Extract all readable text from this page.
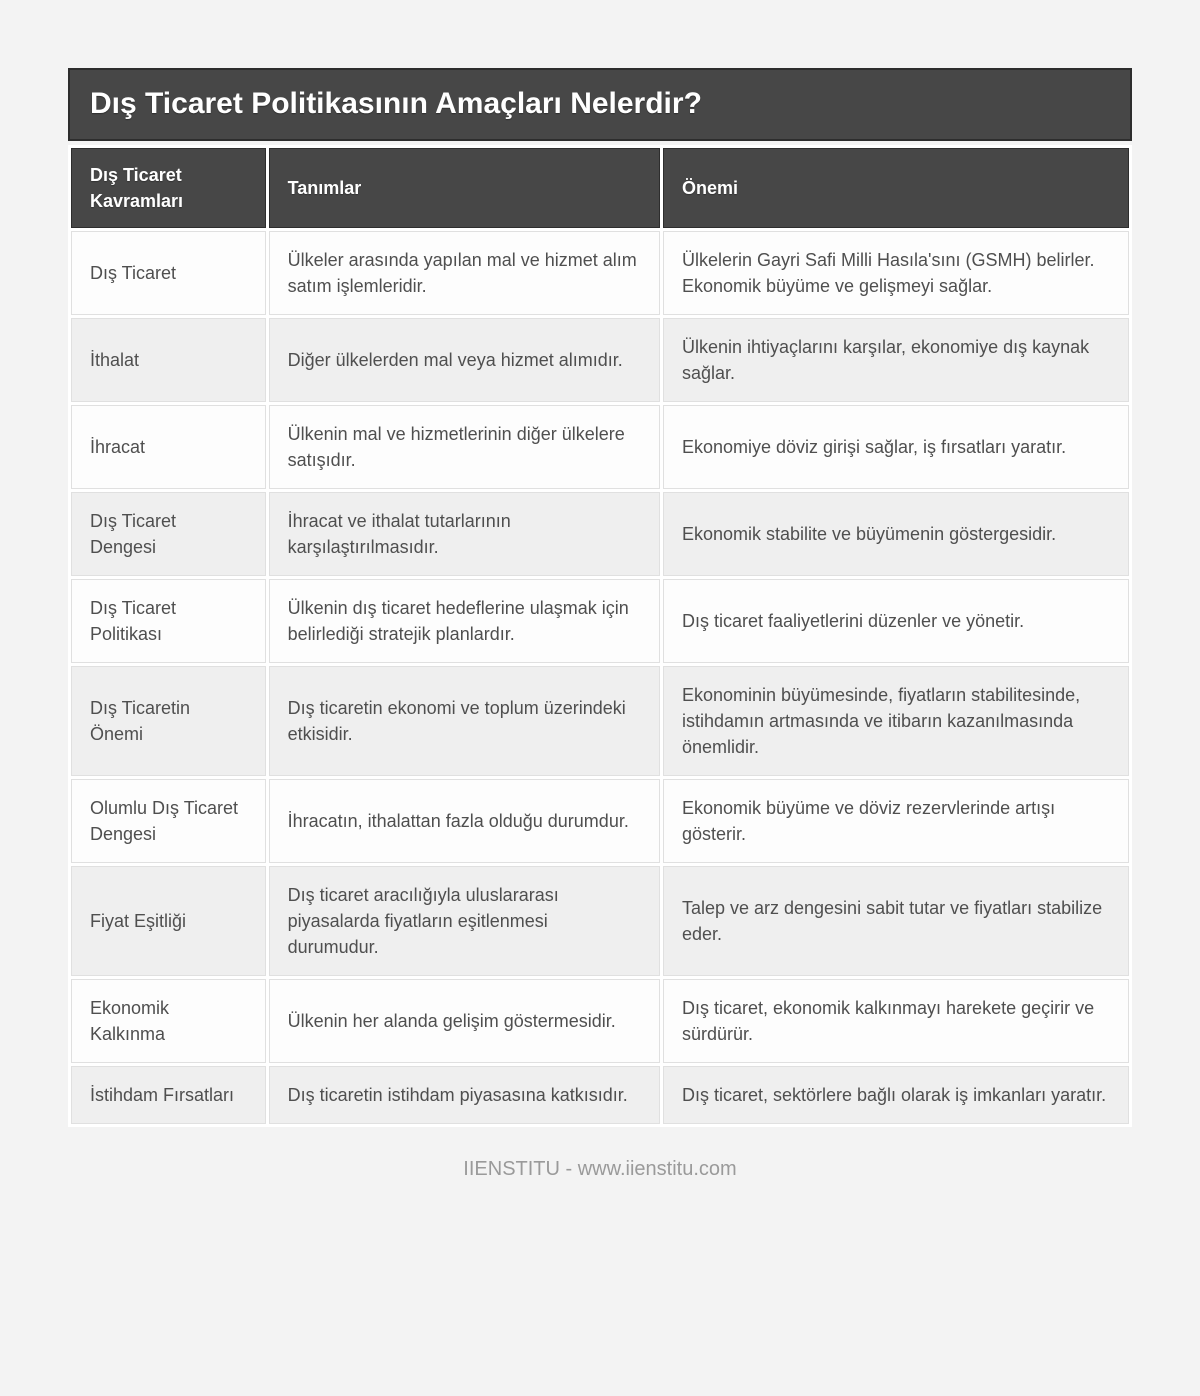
Dış Ticaret Politikasının Amaçları Nelerdir?
Dış Ticaret Kavramları	Tanımlar	Önemi
Dış Ticaret	Ülkeler arasında yapılan mal ve hizmet alım satım işlemleridir.	Ülkelerin Gayri Safi Milli Hasıla'sını (GSMH) belirler. Ekonomik büyüme ve gelişmeyi sağlar.
İthalat	Diğer ülkelerden mal veya hizmet alımıdır.	Ülkenin ihtiyaçlarını karşılar, ekonomiye dış kaynak sağlar.
İhracat	Ülkenin mal ve hizmetlerinin diğer ülkelere satışıdır.	Ekonomiye döviz girişi sağlar, iş fırsatları yaratır.
Dış Ticaret Dengesi	İhracat ve ithalat tutarlarının karşılaştırılmasıdır.	Ekonomik stabilite ve büyümenin göstergesidir.
Dış Ticaret Politikası	Ülkenin dış ticaret hedeflerine ulaşmak için belirlediği stratejik planlardır.	Dış ticaret faaliyetlerini düzenler ve yönetir.
Dış Ticaretin Önemi	Dış ticaretin ekonomi ve toplum üzerindeki etkisidir.	Ekonominin büyümesinde, fiyatların stabilitesinde, istihdamın artmasında ve itibarın kazanılmasında önemlidir.
Olumlu Dış Ticaret Dengesi	İhracatın, ithalattan fazla olduğu durumdur.	Ekonomik büyüme ve döviz rezervlerinde artışı gösterir.
Fiyat Eşitliği	Dış ticaret aracılığıyla uluslararası piyasalarda fiyatların eşitlenmesi durumudur.	Talep ve arz dengesini sabit tutar ve fiyatları stabilize eder.
Ekonomik Kalkınma	Ülkenin her alanda gelişim göstermesidir.	Dış ticaret, ekonomik kalkınmayı harekete geçirir ve sürdürür.
İstihdam Fırsatları	Dış ticaretin istihdam piyasasına katkısıdır.	Dış ticaret, sektörlere bağlı olarak iş imkanları yaratır.
IIENSTITU - www.iienstitu.com
